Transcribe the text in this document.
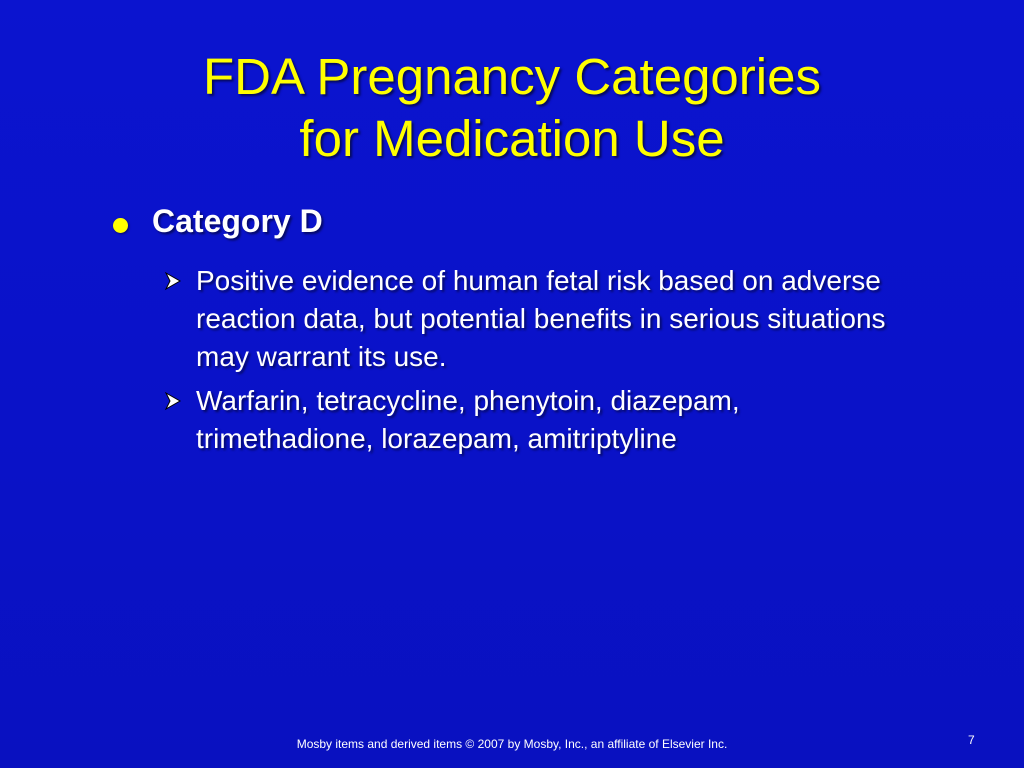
FDA Pregnancy Categories
for Medication Use
Category D
Positive evidence of human fetal risk based on adverse reaction data, but potential benefits in serious situations may warrant its use.
Warfarin, tetracycline, phenytoin, diazepam, trimethadione, lorazepam, amitriptyline
Mosby items and derived items © 2007 by Mosby, Inc., an affiliate of Elsevier Inc.	7
